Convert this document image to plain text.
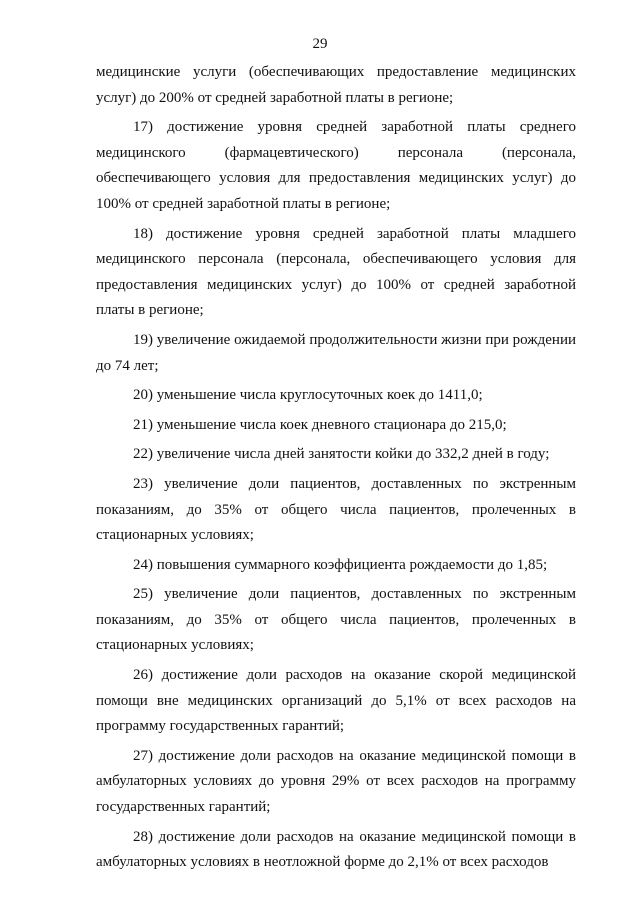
29

медицинские услуги (обеспечивающих предоставление медицинских услуг) до 200% от средней заработной платы в регионе;

17) достижение уровня средней заработной платы среднего медицинского (фармацевтического) персонала (персонала, обеспечивающего условия для предоставления медицинских услуг) до 100% от средней заработной платы в регионе;

18) достижение уровня средней заработной платы младшего медицинского персонала (персонала, обеспечивающего условия для предоставления медицинских услуг) до 100% от средней заработной платы в регионе;

19) увеличение ожидаемой продолжительности жизни при рождении до 74 лет;

20) уменьшение числа круглосуточных коек до 1411,0;

21) уменьшение числа коек дневного стационара до 215,0;

22) увеличение числа дней занятости койки до 332,2 дней в году;

23) увеличение доли пациентов, доставленных по экстренным показаниям, до 35% от общего числа пациентов, пролеченных в стационарных условиях;

24) повышения суммарного коэффициента рождаемости до 1,85;

25) увеличение доли пациентов, доставленных по экстренным показаниям, до 35% от общего числа пациентов, пролеченных в стационарных условиях;

26) достижение доли расходов на оказание скорой медицинской помощи вне медицинских организаций до 5,1% от всех расходов на программу государственных гарантий;

27) достижение доли расходов на оказание медицинской помощи в амбулаторных условиях до уровня 29% от всех расходов на программу государственных гарантий;

28) достижение доли расходов на оказание медицинской помощи в амбулаторных условиях в неотложной форме до 2,1% от всех расходов
